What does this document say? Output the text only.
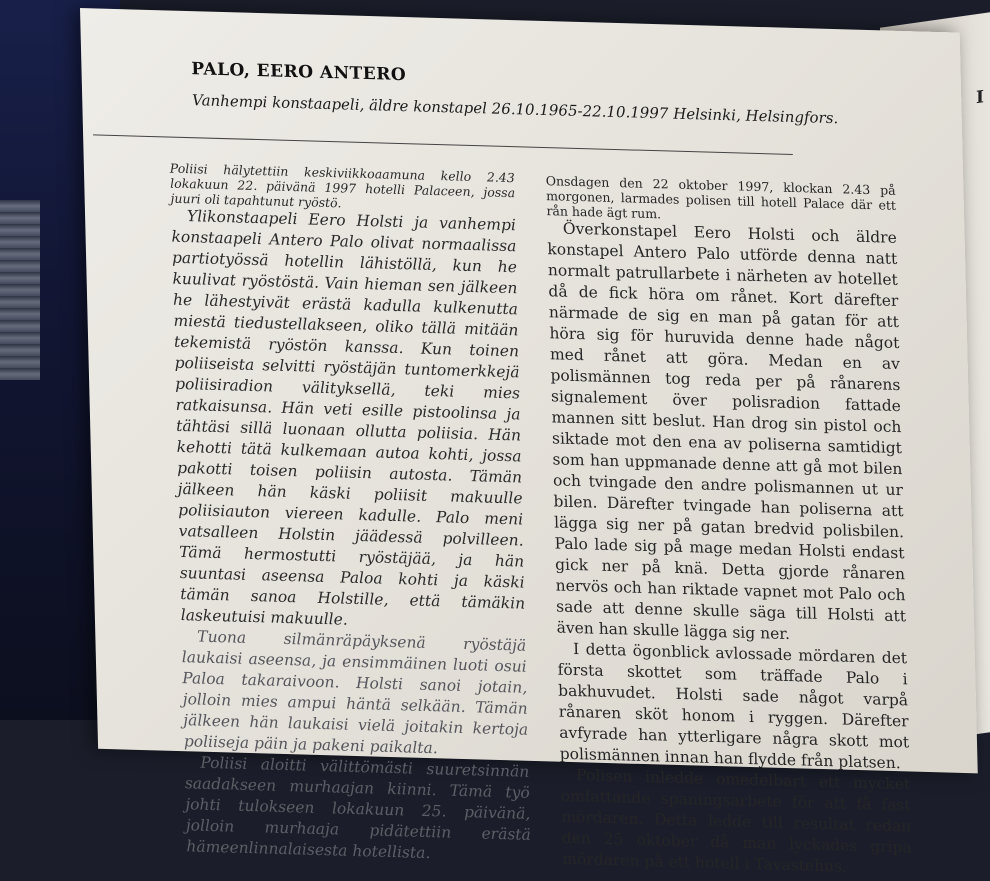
I
PALO, EERO ANTERO
Vanhempi konstaapeli, äldre konstapel 26.10.1965-22.10.1997 Helsinki, Helsingfors.

Poliisi hälytettiin keskiviikkoaamuna kello 2.43 lokakuun 22. päivänä 1997 hotelli Palaceen, jossa juuri oli tapahtunut ryöstö.

Ylikonstaapeli Eero Holsti ja vanhempi konstaapeli Antero Palo olivat normaalissa partiotyössä hotellin lähistöllä, kun he kuulivat ryöstöstä. Vain hieman sen jälkeen he lähestyivät erästä kadulla kulkenutta miestä tiedustellakseen, oliko tällä mitään tekemistä ryöstön kanssa. Kun toinen poliiseista selvitti ryöstäjän tuntomerkkejä poliisiradion välityksellä, teki mies ratkaisunsa. Hän veti esille pistoolinsa ja tähtäsi sillä luonaan ollutta poliisia. Hän kehotti tätä kulkemaan autoa kohti, jossa pakotti toisen poliisin autosta. Tämän jälkeen hän käski poliisit makuulle poliisiauton viereen kadulle. Palo meni vatsalleen Holstin jäädessä polvilleen. Tämä hermostutti ryöstäjää, ja hän suuntasi aseensa Paloa kohti ja käski tämän sanoa Holstille, että tämäkin laskeutuisi makuulle.

Tuona silmänräpäyksenä ryöstäjä laukaisi aseensa, ja ensimmäinen luoti osui Paloa takaraivoon. Holsti sanoi jotain, jolloin mies ampui häntä selkään. Tämän jälkeen hän laukaisi vielä joitakin kertoja poliiseja päin ja pakeni paikalta.

Poliisi aloitti välittömästi suuretsinnän saadakseen murhaajan kiinni. Tämä työ johti tulokseen lokakuun 25. päivänä, jolloin murhaaja pidätettiin erästä hämeenlinnalaisesta hotellista.

Onsdagen den 22 oktober 1997, klockan 2.43 på morgonen, larmades polisen till hotell Palace där ett rån hade ägt rum.

Överkonstapel Eero Holsti och äldre konstapel Antero Palo utförde denna natt normalt patrullarbete i närheten av hotellet då de fick höra om rånet. Kort därefter närmade de sig en man på gatan för att höra sig för huruvida denne hade något med rånet att göra. Medan en av polismännen tog reda per på rånarens signalement över polisradion fattade mannen sitt beslut. Han drog sin pistol och siktade mot den ena av poliserna samtidigt som han uppmanade denne att gå mot bilen och tvingade den andre polismannen ut ur bilen. Därefter tvingade han poliserna att lägga sig ner på gatan bredvid polisbilen. Palo lade sig på mage medan Holsti endast gick ner på knä. Detta gjorde rånaren nervös och han riktade vapnet mot Palo och sade att denne skulle säga till Holsti att även han skulle lägga sig ner.

I detta ögonblick avlossade mördaren det första skottet som träffade Palo i bakhuvudet. Holsti sade något varpå rånaren sköt honom i ryggen. Därefter avfyrade han ytterligare några skott mot polismännen innan han flydde från platsen.

Polisen inledde omedelbart ett mycket omfattande spaningsarbete för att få fast mördaren. Detta ledde till resultat redan den 25 oktober då man lyckades gripa mördaren på ett hotell i Tavastehus.
